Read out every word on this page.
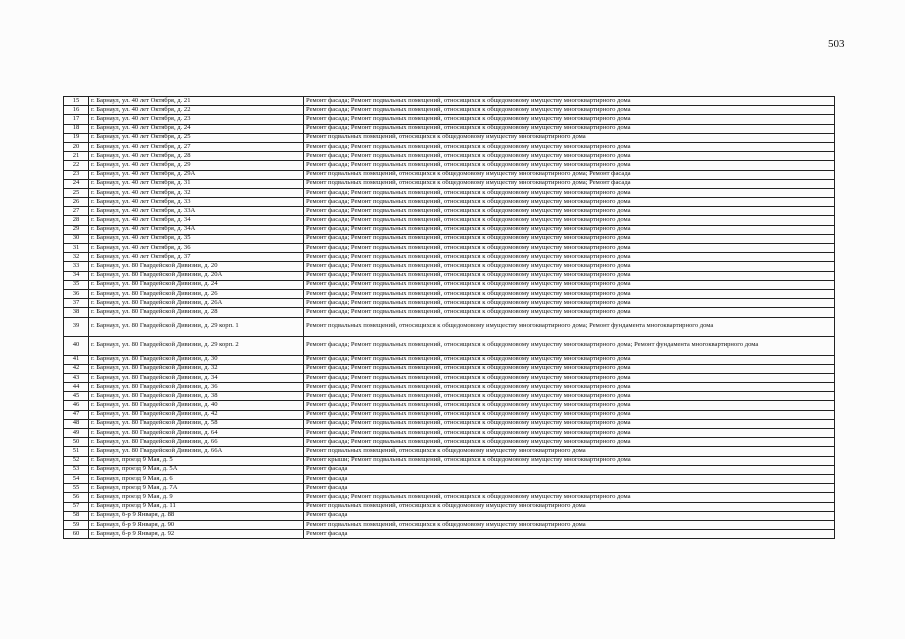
503
15	г. Барнаул, ул. 40 лет Октября, д. 21	Ремонт фасада; Ремонт подвальных помещений, относящихся к общедомовому имуществу многоквартирного дома
16	г. Барнаул, ул. 40 лет Октября, д. 22	Ремонт фасада; Ремонт подвальных помещений, относящихся к общедомовому имуществу многоквартирного дома
17	г. Барнаул, ул. 40 лет Октября, д. 23	Ремонт фасада; Ремонт подвальных помещений, относящихся к общедомовому имуществу многоквартирного дома
18	г. Барнаул, ул. 40 лет Октября, д. 24	Ремонт фасада; Ремонт подвальных помещений, относящихся к общедомовому имуществу многоквартирного дома
19	г. Барнаул, ул. 40 лет Октября, д. 25	Ремонт подвальных помещений, относящихся к общедомовому имуществу многоквартирного дома
20	г. Барнаул, ул. 40 лет Октября, д. 27	Ремонт фасада; Ремонт подвальных помещений, относящихся к общедомовому имуществу многоквартирного дома
21	г. Барнаул, ул. 40 лет Октября, д. 28	Ремонт фасада; Ремонт подвальных помещений, относящихся к общедомовому имуществу многоквартирного дома
22	г. Барнаул, ул. 40 лет Октября, д. 29	Ремонт фасада; Ремонт подвальных помещений, относящихся к общедомовому имуществу многоквартирного дома
23	г. Барнаул, ул. 40 лет Октября, д. 29А	Ремонт подвальных помещений, относящихся к общедомовому имуществу многоквартирного дома; Ремонт фасада
24	г. Барнаул, ул. 40 лет Октября, д. 31	Ремонт подвальных помещений, относящихся к общедомовому имуществу многоквартирного дома; Ремонт фасада
25	г. Барнаул, ул. 40 лет Октября, д. 32	Ремонт фасада; Ремонт подвальных помещений, относящихся к общедомовому имуществу многоквартирного дома
26	г. Барнаул, ул. 40 лет Октября, д. 33	Ремонт фасада; Ремонт подвальных помещений, относящихся к общедомовому имуществу многоквартирного дома
27	г. Барнаул, ул. 40 лет Октября, д. 33А	Ремонт фасада; Ремонт подвальных помещений, относящихся к общедомовому имуществу многоквартирного дома
28	г. Барнаул, ул. 40 лет Октября, д. 34	Ремонт фасада; Ремонт подвальных помещений, относящихся к общедомовому имуществу многоквартирного дома
29	г. Барнаул, ул. 40 лет Октября, д. 34А	Ремонт фасада; Ремонт подвальных помещений, относящихся к общедомовому имуществу многоквартирного дома
30	г. Барнаул, ул. 40 лет Октября, д. 35	Ремонт фасада; Ремонт подвальных помещений, относящихся к общедомовому имуществу многоквартирного дома
31	г. Барнаул, ул. 40 лет Октября, д. 36	Ремонт фасада; Ремонт подвальных помещений, относящихся к общедомовому имуществу многоквартирного дома
32	г. Барнаул, ул. 40 лет Октября, д. 37	Ремонт фасада; Ремонт подвальных помещений, относящихся к общедомовому имуществу многоквартирного дома
33	г. Барнаул, ул. 80 Гвардейской Дивизии, д. 20	Ремонт фасада; Ремонт подвальных помещений, относящихся к общедомовому имуществу многоквартирного дома
34	г. Барнаул, ул. 80 Гвардейской Дивизии, д. 20А	Ремонт фасада; Ремонт подвальных помещений, относящихся к общедомовому имуществу многоквартирного дома
35	г. Барнаул, ул. 80 Гвардейской Дивизии, д. 24	Ремонт фасада; Ремонт подвальных помещений, относящихся к общедомовому имуществу многоквартирного дома
36	г. Барнаул, ул. 80 Гвардейской Дивизии, д. 26	Ремонт фасада; Ремонт подвальных помещений, относящихся к общедомовому имуществу многоквартирного дома
37	г. Барнаул, ул. 80 Гвардейской Дивизии, д. 26А	Ремонт фасада; Ремонт подвальных помещений, относящихся к общедомовому имуществу многоквартирного дома
38	г. Барнаул, ул. 80 Гвардейской Дивизии, д. 28	Ремонт фасада; Ремонт подвальных помещений, относящихся к общедомовому имуществу многоквартирного дома
39	г. Барнаул, ул. 80 Гвардейской Дивизии, д. 29 корп. 1	Ремонт подвальных помещений, относящихся к общедомовому имуществу многоквартирного дома; Ремонт фундамента многоквартирного дома
40	г. Барнаул, ул. 80 Гвардейской Дивизии, д. 29 корп. 2	Ремонт фасада; Ремонт подвальных помещений, относящихся к общедомовому имуществу многоквартирного дома; Ремонт фундамента многоквартирного дома
41	г. Барнаул, ул. 80 Гвардейской Дивизии, д. 30	Ремонт фасада; Ремонт подвальных помещений, относящихся к общедомовому имуществу многоквартирного дома
42	г. Барнаул, ул. 80 Гвардейской Дивизии, д. 32	Ремонт фасада; Ремонт подвальных помещений, относящихся к общедомовому имуществу многоквартирного дома
43	г. Барнаул, ул. 80 Гвардейской Дивизии, д. 34	Ремонт фасада; Ремонт подвальных помещений, относящихся к общедомовому имуществу многоквартирного дома
44	г. Барнаул, ул. 80 Гвардейской Дивизии, д. 36	Ремонт фасада; Ремонт подвальных помещений, относящихся к общедомовому имуществу многоквартирного дома
45	г. Барнаул, ул. 80 Гвардейской Дивизии, д. 38	Ремонт фасада; Ремонт подвальных помещений, относящихся к общедомовому имуществу многоквартирного дома
46	г. Барнаул, ул. 80 Гвардейской Дивизии, д. 40	Ремонт фасада; Ремонт подвальных помещений, относящихся к общедомовому имуществу многоквартирного дома
47	г. Барнаул, ул. 80 Гвардейской Дивизии, д. 42	Ремонт фасада; Ремонт подвальных помещений, относящихся к общедомовому имуществу многоквартирного дома
48	г. Барнаул, ул. 80 Гвардейской Дивизии, д. 58	Ремонт фасада; Ремонт подвальных помещений, относящихся к общедомовому имуществу многоквартирного дома
49	г. Барнаул, ул. 80 Гвардейской Дивизии, д. 64	Ремонт фасада; Ремонт подвальных помещений, относящихся к общедомовому имуществу многоквартирного дома
50	г. Барнаул, ул. 80 Гвардейской Дивизии, д. 66	Ремонт фасада; Ремонт подвальных помещений, относящихся к общедомовому имуществу многоквартирного дома
51	г. Барнаул, ул. 80 Гвардейской Дивизии, д. 66А	Ремонт подвальных помещений, относящихся к общедомовому имуществу многоквартирного дома
52	г. Барнаул, проезд 9 Мая, д. 5	Ремонт крыши; Ремонт подвальных помещений, относящихся к общедомовому имуществу многоквартирного дома
53	г. Барнаул, проезд 9 Мая, д. 5А	Ремонт фасада
54	г. Барнаул, проезд 9 Мая, д. 6	Ремонт фасада
55	г. Барнаул, проезд 9 Мая, д. 7А	Ремонт фасада
56	г. Барнаул, проезд 9 Мая, д. 9	Ремонт фасада; Ремонт подвальных помещений, относящихся к общедомовому имуществу многоквартирного дома
57	г. Барнаул, проезд 9 Мая, д. 11	Ремонт подвальных помещений, относящихся к общедомовому имуществу многоквартирного дома
58	г. Барнаул, б-р 9 Января, д. 88	Ремонт фасада
59	г. Барнаул, б-р 9 Января, д. 90	Ремонт подвальных помещений, относящихся к общедомовому имуществу многоквартирного дома
60	г. Барнаул, б-р 9 Января, д. 92	Ремонт фасада
